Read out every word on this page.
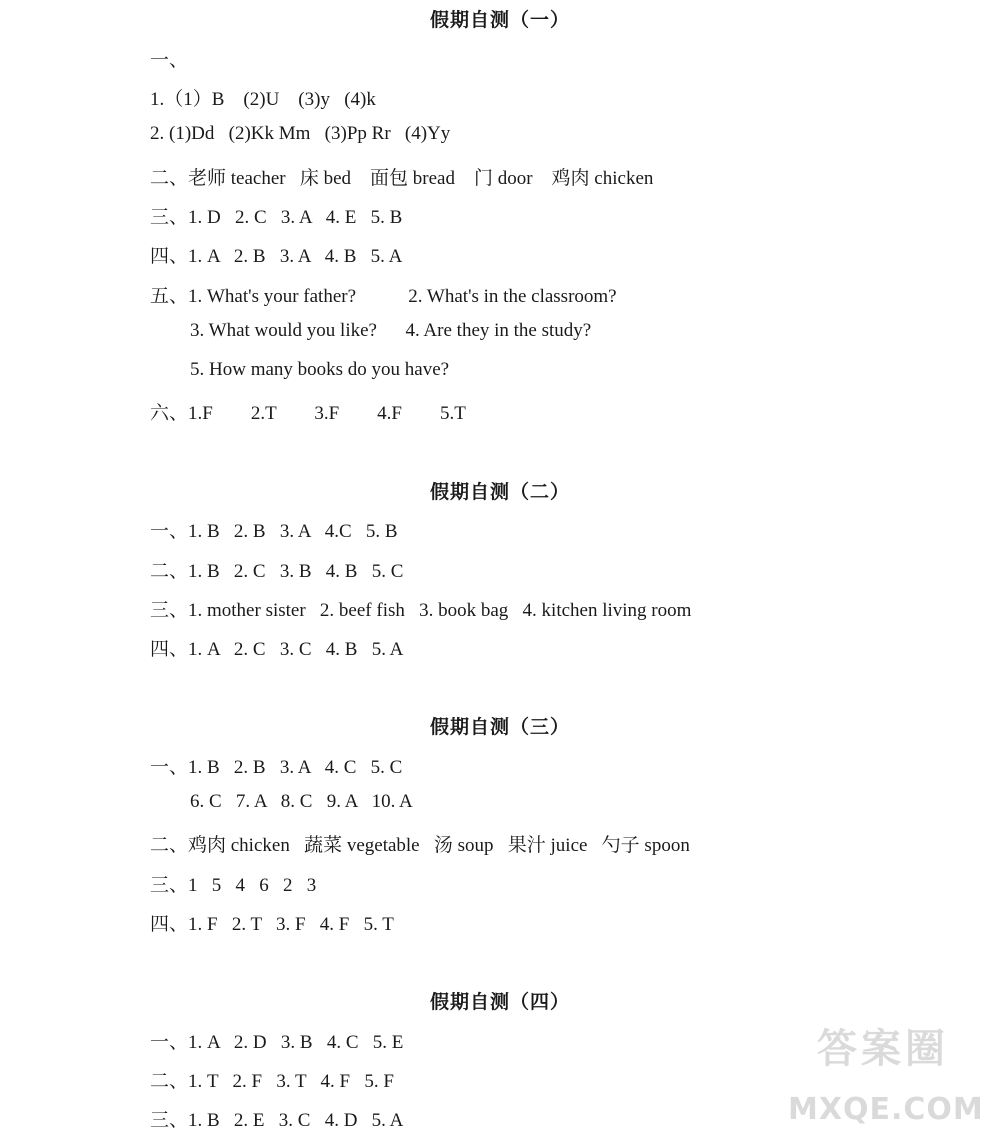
假期自测（一）
一、
1.（1）B    (2)U    (3)y   (4)k
2. (1)Dd   (2)Kk Mm   (3)Pp Rr   (4)Yy
二、老师 teacher   床 bed    面包 bread    门 door    鸡肉 chicken
三、1. D   2. C   3. A   4. E   5. B
四、1. A   2. B   3. A   4. B   5. A
五、1. What's your father?           2. What's in the classroom?
3. What would you like?      4. Are they in the study?
5. How many books do you have?
六、1.F        2.T        3.F        4.F        5.T
假期自测（二）
一、1. B   2. B   3. A   4.C   5. B
二、1. B   2. C   3. B   4. B   5. C
三、1. mother sister   2. beef fish   3. book bag   4. kitchen living room
四、1. A   2. C   3. C   4. B   5. A
假期自测（三）
一、1. B   2. B   3. A   4. C   5. C
6. C   7. A   8. C   9. A   10. A
二、鸡肉 chicken   蔬菜 vegetable   汤 soup   果汁 juice   勺子 spoon
三、1   5   4   6   2   3
四、1. F   2. T   3. F   4. F   5. T
假期自测（四）
一、1. A   2. D   3. B   4. C   5. E
二、1. T   2. F   3. T   4. F   5. F
三、1. B   2. E   3. C   4. D   5. A
答案圈
MXQE.COM
